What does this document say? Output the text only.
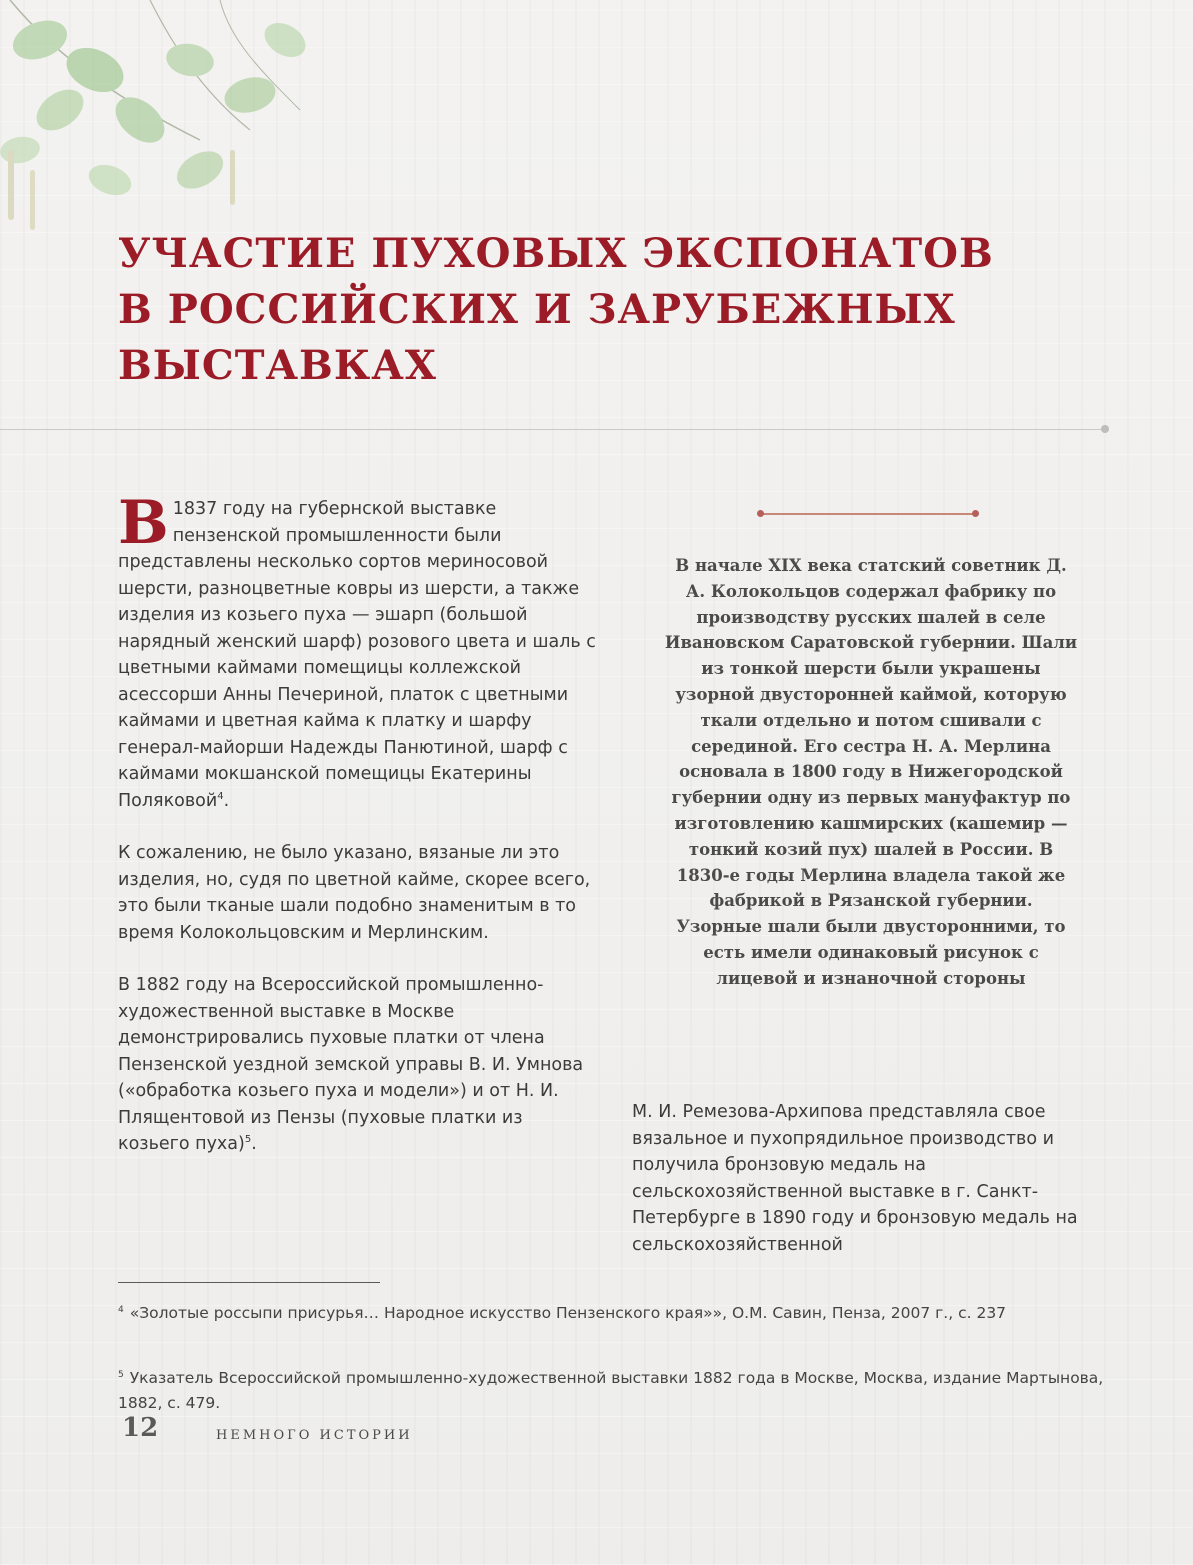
УЧАСТИЕ ПУХОВЫХ ЭКСПОНАТОВ
В РОССИЙСКИХ И ЗАРУБЕЖНЫХ
ВЫСТАВКАХ

В 1837 году на губернской выставке пензенской промышленности были представлены несколько сортов мериносовой шерсти, разноцветные ковры из шерсти, а также изделия из козьего пуха — эшарп (большой нарядный женский шарф) розового цвета и шаль с цветными каймами помещицы коллежской асессорши Анны Печериной, платок с цветными каймами и цветная кайма к платку и шарфу генерал-майорши Надежды Панютиной, шарф с каймами мокшанской помещицы Екатерины Поляковой$^4$.

К сожалению, не было указано, вязаные ли это изделия, но, судя по цветной кайме, скорее всего, это были тканые шали подобно знаменитым в то время Колокольцовским и Мерлинским.

В 1882 году на Всероссийской промышленно-художественной выставке в Москве демонстрировались пуховые платки от члена Пензенской уездной земской управы В. И. Умнова («обработка козьего пуха и модели») и от Н. И. Плящентовой из Пензы (пуховые платки из козьего пуха)$^5$.

В начале XIX века статский советник Д. А. Колокольцов содержал фабрику по производству русских шалей в селе Ивановском Саратовской губернии. Шали из тонкой шерсти были украшены узорной двусторонней каймой, которую ткали отдельно и потом сшивали с серединой. Его сестра Н. А. Мерлина основала в 1800 году в Нижегородской губернии одну из первых мануфактур по изготовлению кашмирских (кашемир — тонкий козий пух) шалей в России. В 1830-е годы Мерлина владела такой же фабрикой в Рязанской губернии. Узорные шали были двусторонними, то есть имели одинаковый рисунок с лицевой и изнаночной стороны

М. И. Ремезова-Архипова представляла свое вязальное и пухопрядильное производство и получила бронзовую медаль на сельскохозяйственной выставке в г. Санкт-Петербурге в 1890 году и бронзовую медаль на сельскохозяйственной

$^4$ «Золотые россыпи присурья… Народное искусство Пензенского края»», О.М. Савин, Пенза, 2007 г., с. 237

$^5$ Указатель Всероссийской промышленно-художественной выставки 1882 года в Москве, Москва, издание Мартынова, 1882, с. 479.

12	НЕМНОГО ИСТОРИИ
